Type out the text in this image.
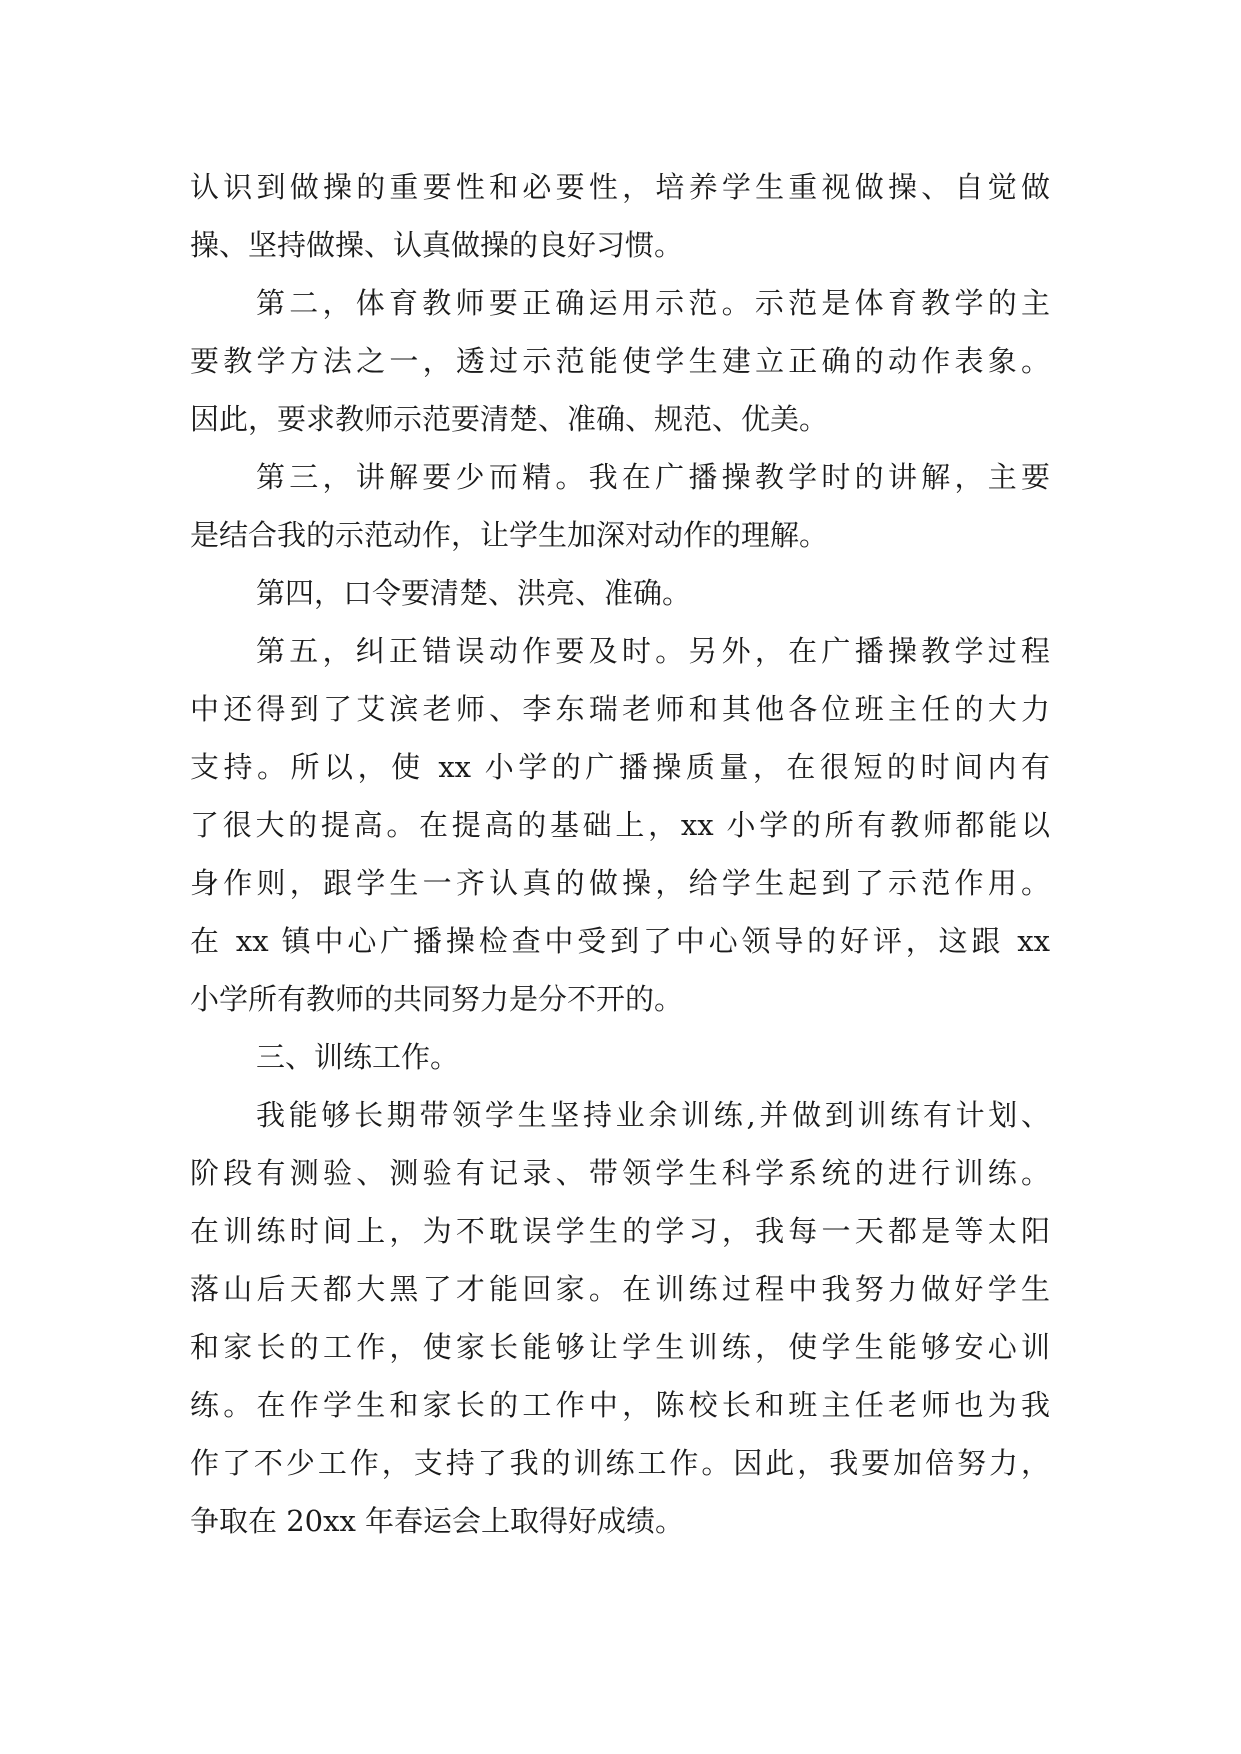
认识到做操的重要性和必要性，培养学生重视做操、自觉做
操、坚持做操、认真做操的良好习惯。
第二，体育教师要正确运用示范。示范是体育教学的主
要教学方法之一，透过示范能使学生建立正确的动作表象。
因此，要求教师示范要清楚、准确、规范、优美。
第三，讲解要少而精。我在广播操教学时的讲解，主要
是结合我的示范动作，让学生加深对动作的理解。
第四，口令要清楚、洪亮、准确。
第五，纠正错误动作要及时。另外，在广播操教学过程
中还得到了艾滨老师、李东瑞老师和其他各位班主任的大力
支持。所以，使 xx 小学的广播操质量，在很短的时间内有
了很大的提高。在提高的基础上，xx 小学的所有教师都能以
身作则，跟学生一齐认真的做操，给学生起到了示范作用。
在 xx 镇中心广播操检查中受到了中心领导的好评，这跟 xx
小学所有教师的共同努力是分不开的。
三、训练工作。
我能够长期带领学生坚持业余训练,并做到训练有计划、
阶段有测验、测验有记录、带领学生科学系统的进行训练。
在训练时间上，为不耽误学生的学习，我每一天都是等太阳
落山后天都大黑了才能回家。在训练过程中我努力做好学生
和家长的工作，使家长能够让学生训练，使学生能够安心训
练。在作学生和家长的工作中，陈校长和班主任老师也为我
作了不少工作，支持了我的训练工作。因此，我要加倍努力，
争取在 20xx 年春运会上取得好成绩。
